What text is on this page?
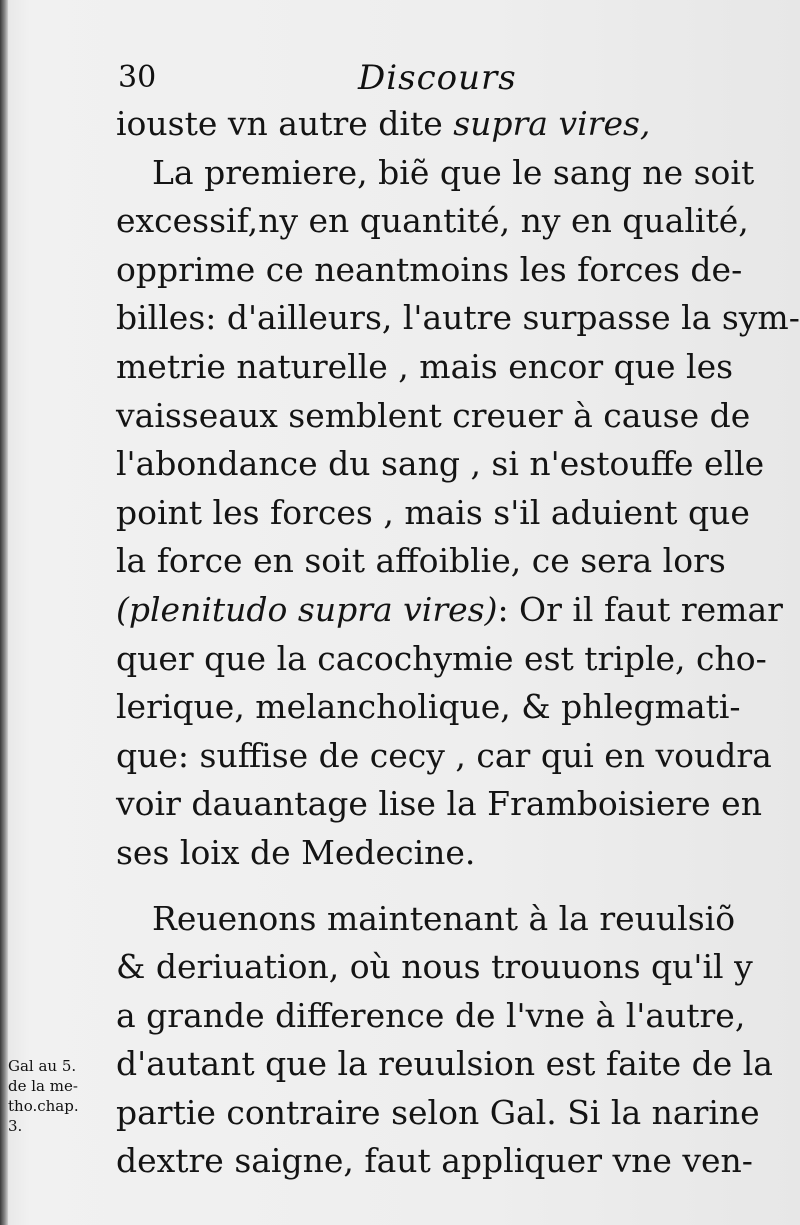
30	Discours
iouste vn autre dite supra vires,
La premiere, biẽ que le sang ne soit
excessif,ny en quantité, ny en qualité,
opprime ce neantmoins les forces de-
billes: d'ailleurs, l'autre surpasse la sym-
metrie naturelle , mais encor que les
vaisseaux semblent creuer à cause de
l'abondance du sang , si n'estouffe elle
point les forces , mais s'il aduient que
la force en soit affoiblie, ce sera lors
(plenitudo supra vires): Or il faut remar
quer que la cacochymie est triple, cho-
lerique, melancholique, & phlegmati-
que: suffise de cecy , car qui en voudra
voir dauantage lise la Framboisiere en
ses loix de Medecine.
Reuenons maintenant à la reuulsiõ
& deriuation, où nous trouuons qu'il y
a grande difference de l'vne à l'autre,
d'autant que la reuulsion est faite de la
partie contraire selon Gal. Si la narine
dextre saigne, faut appliquer vne ven-
Gal au 5.
de la me-
tho.chap.
3.
